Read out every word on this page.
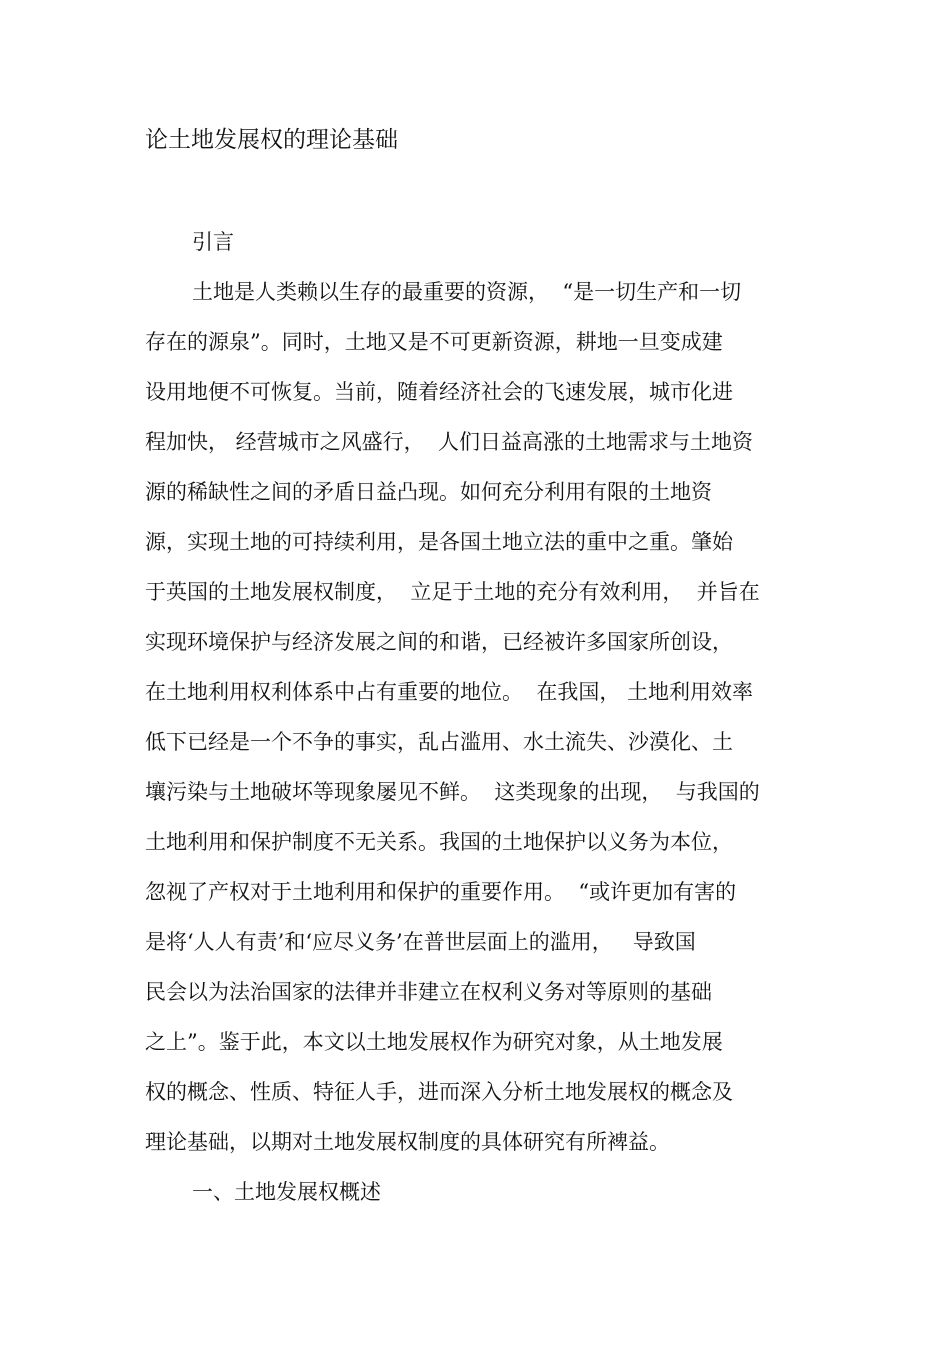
论土地发展权的理论基础

引言

土地是人类赖以生存的最重要的资源，  “是一切生产和一切

存在的源泉”。同时，土地又是不可更新资源，耕地一旦变成建

设用地便不可恢复。当前，随着经济社会的飞速发展，城市化进

程加快， 经营城市之风盛行，  人们日益高涨的土地需求与土地资

源的稀缺性之间的矛盾日益凸现。如何充分利用有限的土地资

源，实现土地的可持续利用，是各国土地立法的重中之重。肇始

于英国的土地发展权制度，  立足于土地的充分有效利用，  并旨在

实现环境保护与经济发展之间的和谐，已经被许多国家所创设，

在土地利用权利体系中占有重要的地位。  在我国， 土地利用效率

低下已经是一个不争的事实，乱占滥用、水土流失、沙漠化、土

壤污染与土地破坏等现象屡见不鲜。  这类现象的出现，  与我国的

土地利用和保护制度不无关系。我国的土地保护以义务为本位，

忽视了产权对于土地利用和保护的重要作用。  “或许更加有害的

是将‘人人有责’和‘应尽义务’在普世层面上的滥用，   导致国

民会以为法治国家的法律并非建立在权利义务对等原则的基础

之上”。鉴于此，本文以土地发展权作为研究对象，从土地发展

权的概念、性质、特征人手，进而深入分析土地发展权的概念及

理论基础，以期对土地发展权制度的具体研究有所裨益。

一、土地发展权概述
